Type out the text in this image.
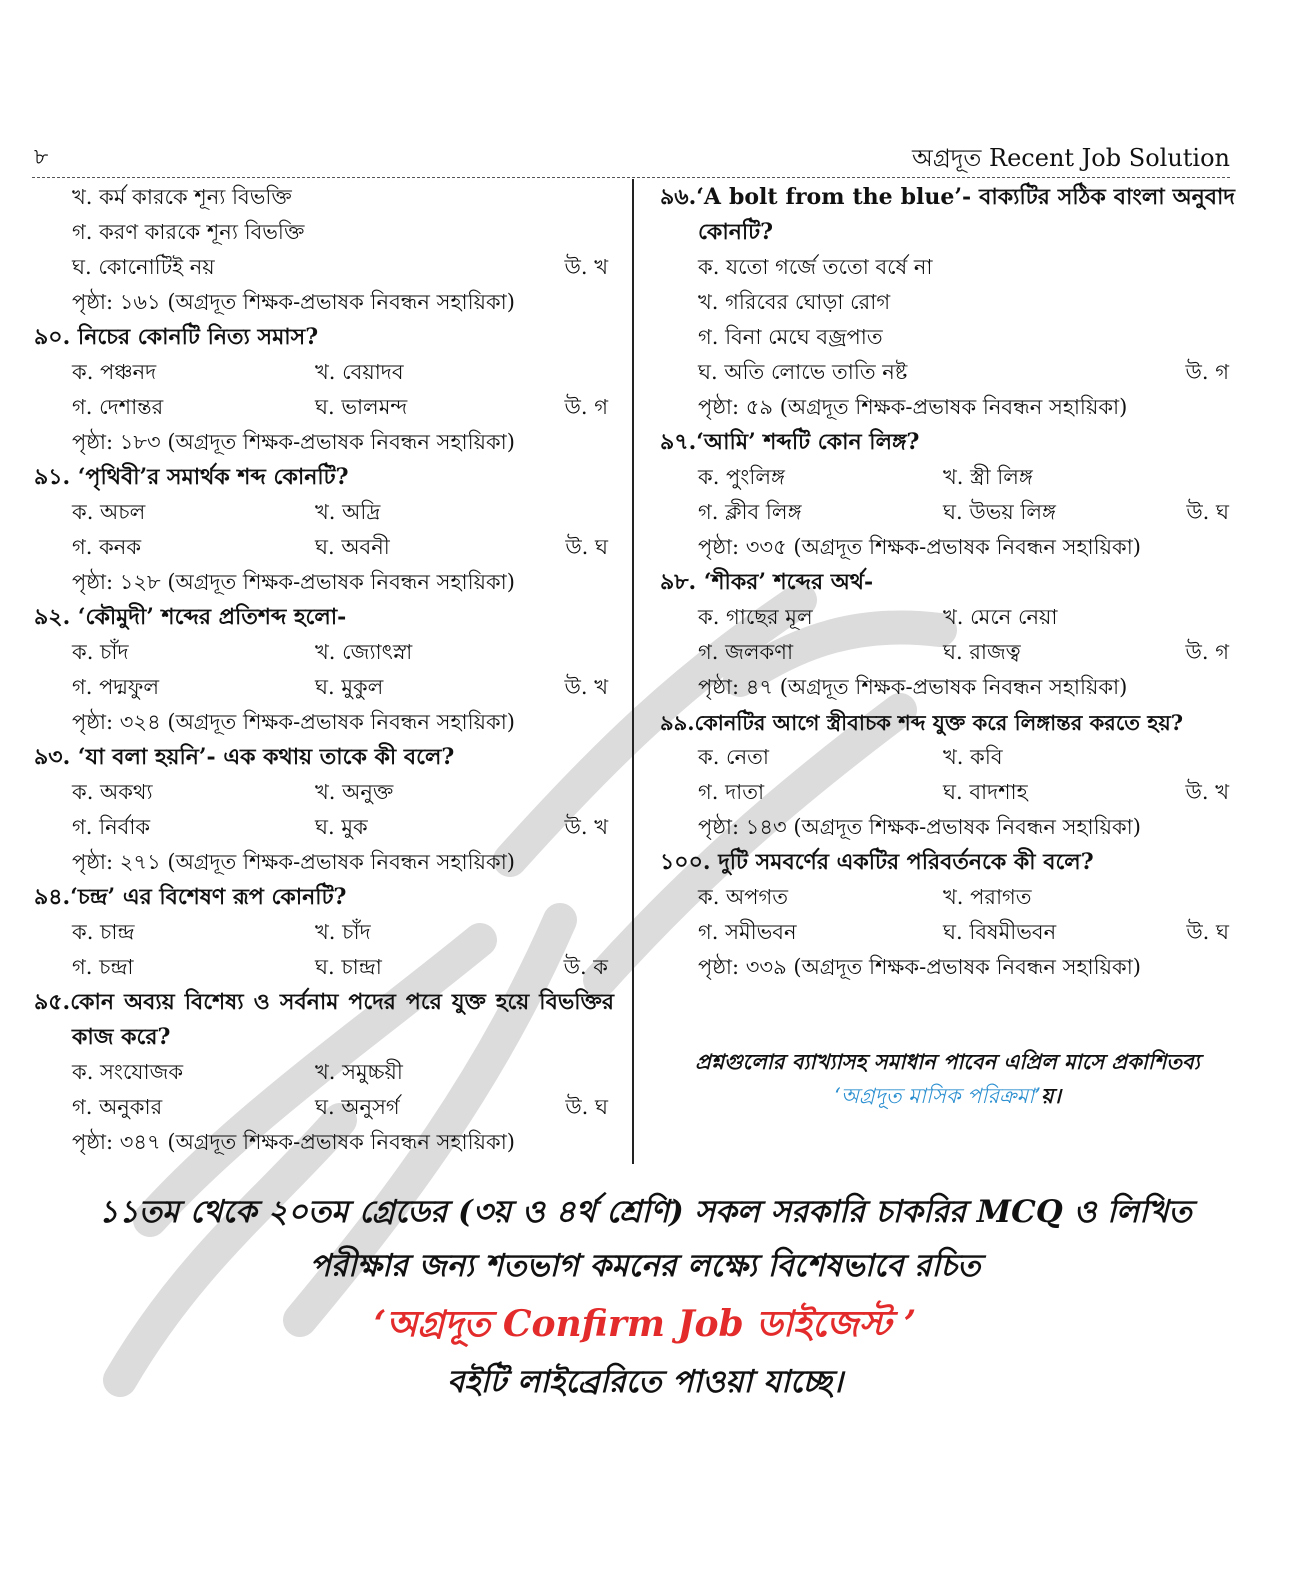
৮	অগ্রদূত Recent Job Solution
খ. কর্ম কারকে শূন্য বিভক্তি
গ. করণ কারকে শূন্য বিভক্তি
ঘ. কোনোটিই নয়	উ. খ
পৃষ্ঠা: ১৬১ (অগ্রদূত শিক্ষক-প্রভাষক নিবন্ধন সহায়িকা)

৯০. নিচের কোনটি নিত্য সমাস?

ক. পঞ্চনদ	খ. বেয়াদব
গ. দেশান্তর	ঘ. ভালমন্দ	উ. গ
পৃষ্ঠা: ১৮৩ (অগ্রদূত শিক্ষক-প্রভাষক নিবন্ধন সহায়িকা)

৯১. ‘পৃথিবী’র সমার্থক শব্দ কোনটি?

ক. অচল	খ. অদ্রি
গ. কনক	ঘ. অবনী	উ. ঘ
পৃষ্ঠা: ১২৮ (অগ্রদূত শিক্ষক-প্রভাষক নিবন্ধন সহায়িকা)

৯২. ‘কৌমুদী’ শব্দের প্রতিশব্দ হলো-

ক. চাঁদ	খ. জ্যোৎস্না
গ. পদ্মফুল	ঘ. মুকুল	উ. খ
পৃষ্ঠা: ৩২৪ (অগ্রদূত শিক্ষক-প্রভাষক নিবন্ধন সহায়িকা)

৯৩. ‘যা বলা হয়নি’- এক কথায় তাকে কী বলে?

ক. অকথ্য	খ. অনুক্ত
গ. নির্বাক	ঘ. মুক	উ. খ
পৃষ্ঠা: ২৭১ (অগ্রদূত শিক্ষক-প্রভাষক নিবন্ধন সহায়িকা)

৯৪.‘চন্দ্র’ এর বিশেষণ রূপ কোনটি?

ক. চান্দ্র	খ. চাঁদ
গ. চন্দ্রা	ঘ. চান্দ্রা	উ. ক

৯৫.কোন অব্যয় বিশেষ্য ও সর্বনাম পদের পরে যুক্ত হয়ে বিভক্তির কাজ করে?

ক. সংযোজক	খ. সমুচ্চয়ী
গ. অনুকার	ঘ. অনুসর্গ	উ. ঘ
পৃষ্ঠা: ৩৪৭ (অগ্রদূত শিক্ষক-প্রভাষক নিবন্ধন সহায়িকা)

৯৬.‘A bolt from the blue’- বাক্যটির সঠিক বাংলা অনুবাদ কোনটি?

ক. যতো গর্জে ততো বর্ষে না
খ. গরিবের ঘোড়া রোগ
গ. বিনা মেঘে বজ্রপাত
ঘ. অতি লোভে তাতি নষ্ট	উ. গ
পৃষ্ঠা: ৫৯ (অগ্রদূত শিক্ষক-প্রভাষক নিবন্ধন সহায়িকা)

৯৭.‘আমি’ শব্দটি কোন লিঙ্গ?

ক. পুংলিঙ্গ	খ. স্ত্রী লিঙ্গ
গ. ক্লীব লিঙ্গ	ঘ. উভয় লিঙ্গ	উ. ঘ
পৃষ্ঠা: ৩৩৫ (অগ্রদূত শিক্ষক-প্রভাষক নিবন্ধন সহায়িকা)

৯৮. ‘শীকর’ শব্দের অর্থ-

ক. গাছের মূল	খ. মেনে নেয়া
গ. জলকণা	ঘ. রাজত্ব	উ. গ
পৃষ্ঠা: ৪৭ (অগ্রদূত শিক্ষক-প্রভাষক নিবন্ধন সহায়িকা)

৯৯.কোনটির আগে স্ত্রীবাচক শব্দ যুক্ত করে লিঙ্গান্তর করতে হয়?

ক. নেতা	খ. কবি
গ. দাতা	ঘ. বাদশাহ	উ. খ
পৃষ্ঠা: ১৪৩ (অগ্রদূত শিক্ষক-প্রভাষক নিবন্ধন সহায়িকা)

১০০. দুটি সমবর্ণের একটির পরিবর্তনকে কী বলে?

ক. অপগত	খ. পরাগত
গ. সমীভবন	ঘ. বিষমীভবন	উ. ঘ
পৃষ্ঠা: ৩৩৯ (অগ্রদূত শিক্ষক-প্রভাষক নিবন্ধন সহায়িকা)
প্রশ্নগুলোর ব্যাখ্যাসহ সমাধান পাবেন এপ্রিল মাসে প্রকাশিতব্য
‘অগ্রদূত মাসিক পরিক্রমা’য়।
১১তম থেকে ২০তম গ্রেডের (৩য় ও ৪র্থ শ্রেণি) সকল সরকারি চাকরির MCQ ও লিখিত
পরীক্ষার জন্য শতভাগ কমনের লক্ষ্যে বিশেষভাবে রচিত
‘অগ্রদূত Confirm Job ডাইজেস্ট ’
বইটি লাইব্রেরিতে পাওয়া যাচ্ছে।
